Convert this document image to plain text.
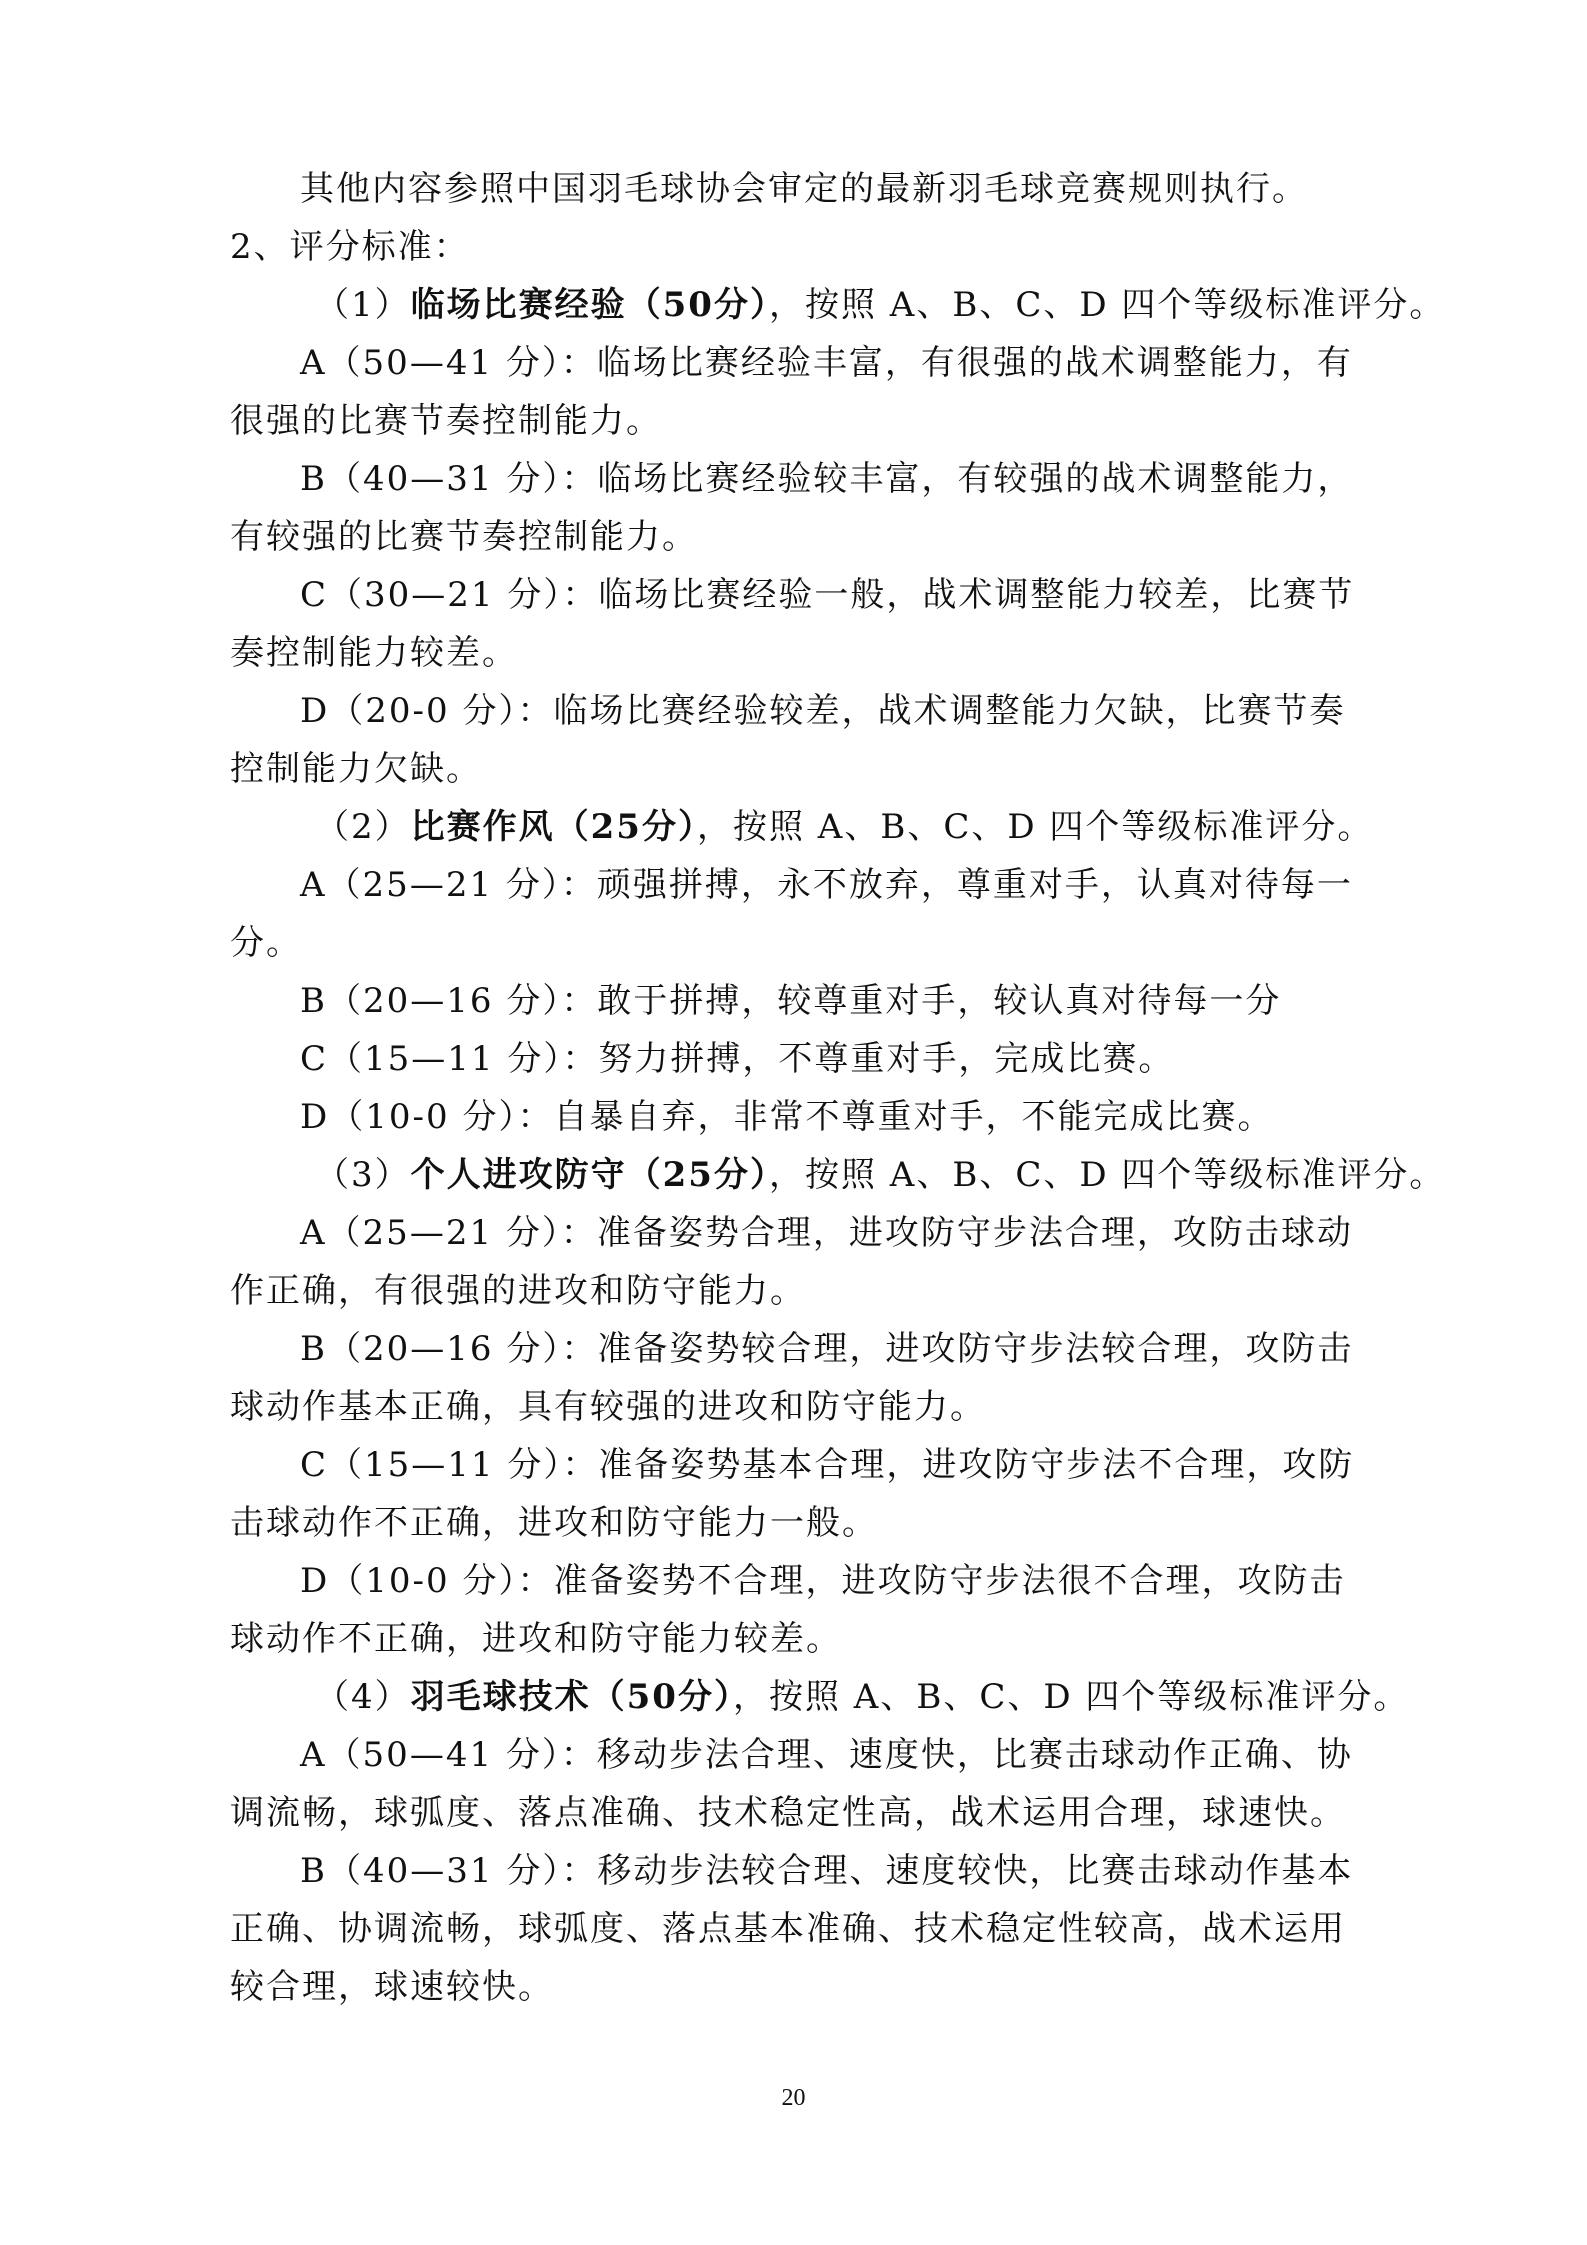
其他内容参照中国羽毛球协会审定的最新羽毛球竞赛规则执行。
2、评分标准：
（1）临场比赛经验（50分），按照 A、B、C、D 四个等级标准评分。
A（50—41 分）：临场比赛经验丰富，有很强的战术调整能力，有
很强的比赛节奏控制能力。
B（40—31 分）：临场比赛经验较丰富，有较强的战术调整能力，
有较强的比赛节奏控制能力。
C（30—21 分）：临场比赛经验一般，战术调整能力较差，比赛节
奏控制能力较差。
D（20-0 分）：临场比赛经验较差，战术调整能力欠缺，比赛节奏
控制能力欠缺。
（2）比赛作风（25分），按照 A、B、C、D 四个等级标准评分。
A（25—21 分）：顽强拼搏，永不放弃，尊重对手，认真对待每一
分。
B（20—16 分）：敢于拼搏，较尊重对手，较认真对待每一分
C（15—11 分）：努力拼搏，不尊重对手，完成比赛。
D（10-0 分）：自暴自弃，非常不尊重对手，不能完成比赛。
（3）个人进攻防守（25分），按照 A、B、C、D 四个等级标准评分。
A（25—21 分）：准备姿势合理，进攻防守步法合理，攻防击球动
作正确，有很强的进攻和防守能力。
B（20—16 分）：准备姿势较合理，进攻防守步法较合理，攻防击
球动作基本正确，具有较强的进攻和防守能力。
C（15—11 分）：准备姿势基本合理，进攻防守步法不合理，攻防
击球动作不正确，进攻和防守能力一般。
D（10-0 分）：准备姿势不合理，进攻防守步法很不合理，攻防击
球动作不正确，进攻和防守能力较差。
（4）羽毛球技术（50分），按照 A、B、C、D 四个等级标准评分。
A（50—41 分）：移动步法合理、速度快，比赛击球动作正确、协
调流畅，球弧度、落点准确、技术稳定性高，战术运用合理，球速快。
B（40—31 分）：移动步法较合理、速度较快，比赛击球动作基本
正确、协调流畅，球弧度、落点基本准确、技术稳定性较高，战术运用
较合理，球速较快。
20
